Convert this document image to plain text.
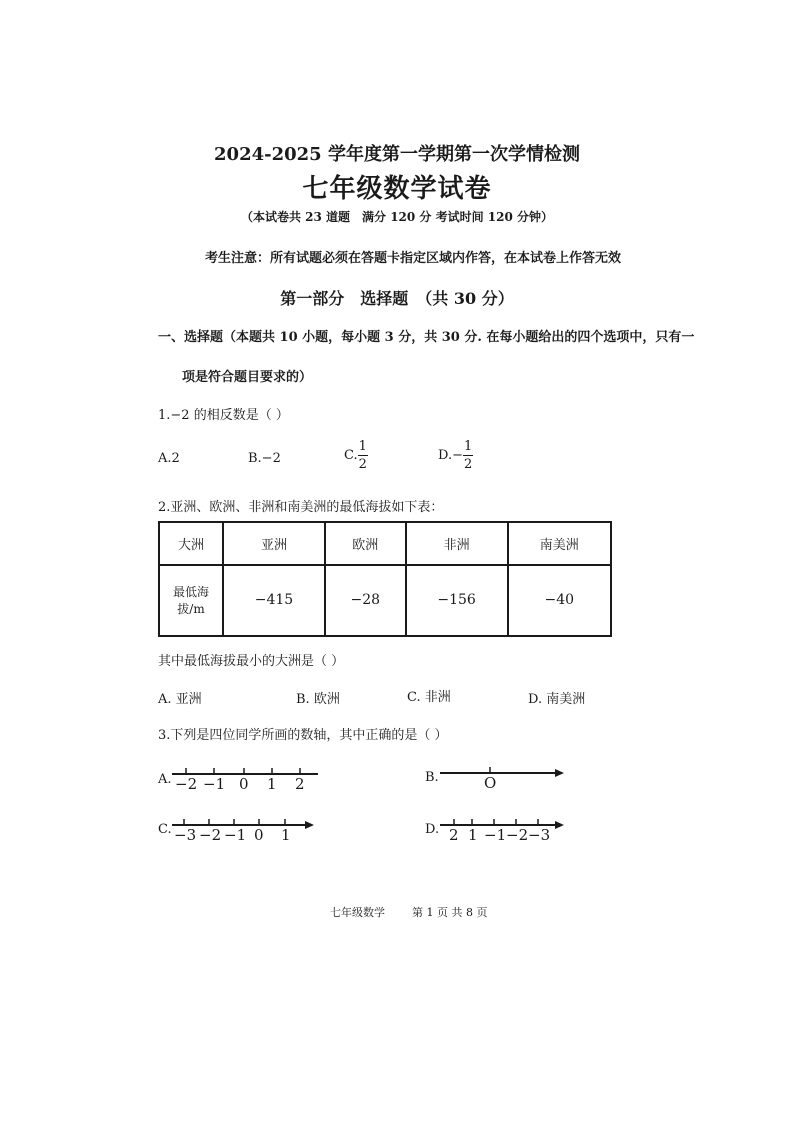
2024-2025 学年度第一学期第一次学情检测
七年级数学试卷
（本试卷共 23 道题　满分 120 分 考试时间 120 分钟）
考生注意：所有试题必须在答题卡指定区域内作答，在本试卷上作答无效
第一部分　选择题　（共 30 分）
一、选择题（本题共 10 小题，每小题 3 分，共 30 分. 在每小题给出的四个选项中，只有一
项是符合题目要求的）
1.−2 的相反数是（ ）
A.2	B.−2	C. $\frac{1}{2}$	$D.- \frac{1}{2}$
2.亚洲、欧洲、非洲和南美洲的最低海拔如下表：
大洲	亚洲	欧洲	非洲	南美洲
最低海拔/m	−415	−28	−156	−40
其中最低海拔最小的大洲是（ ）
A. 亚洲	B. 欧洲	C. 非洲	D. 南美洲
3.下列是四位同学所画的数轴，其中正确的是（ ）
A. −2 −1 0 1 2	B.	O
C. −3 −2 −1 0 1	D. 2 1 −1 −2 −3
七年级数学 第 1 页 共 8 页
